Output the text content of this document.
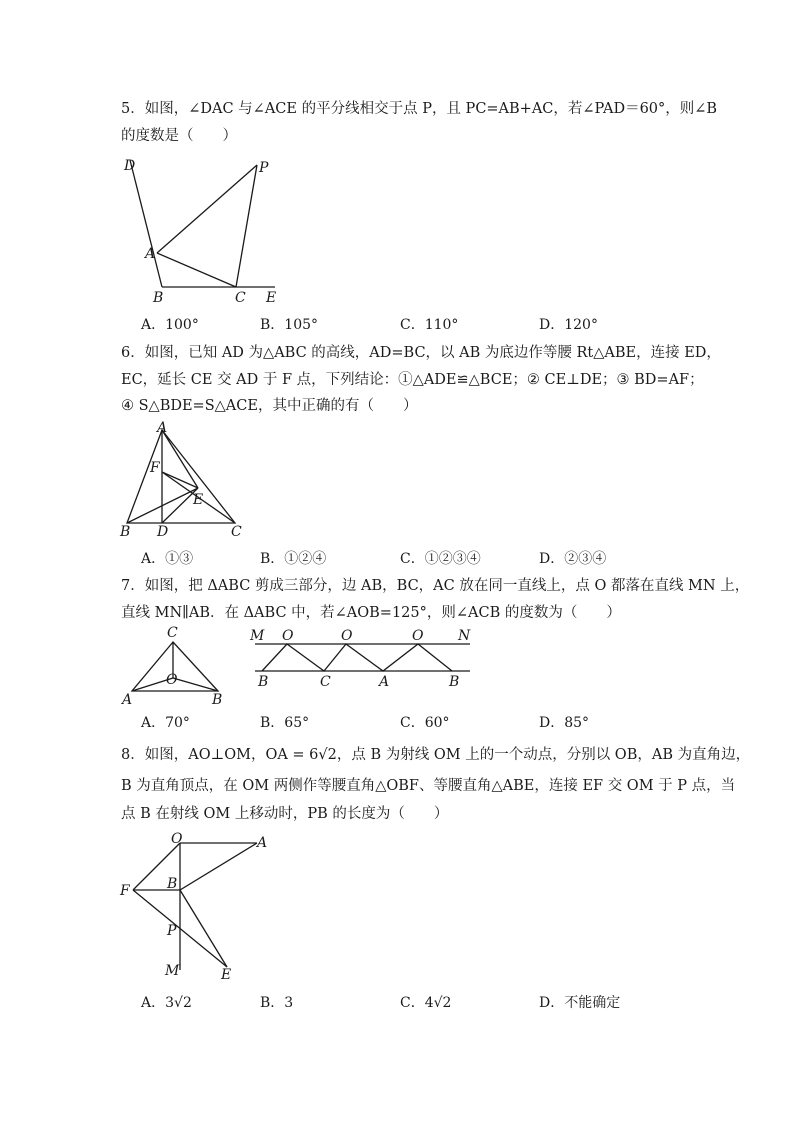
5．如图，∠DAC 与∠ACE 的平分线相交于点 P，且 PC=AB+AC，若∠PAD＝60°，则∠B
的度数是（　　）
D	P
A
B	C E
A．100°	B．105°	C．110°	D．120°
6．如图，已知 AD 为△ABC 的高线，AD=BC，以 AB 为底边作等腰 Rt△ABE，连接 ED，
EC，延长 CE 交 AD 于 F 点，下列结论：①△ADE≌△BCE；② CE⊥DE；③ BD=AF；
④ S△BDE=S△ACE，其中正确的有（　　）
A
F
E
B D	C
A．①③	B．①②④	C．①②③④	D．②③④
7．如图，把 ΔABC 剪成三部分，边 AB，BC，AC 放在同一直线上，点 O 都落在直线 MN 上，
直线 MN∥AB．在 ΔABC 中，若∠AOB=125°，则∠ACB 的度数为（　　）
C
O
A	B
M O	O	O N
B	C	A	B
A．70°	B．65°	C．60°	D．85°
8．如图，AO⊥OM，OA = 6√2，点 B 为射线 OM 上的一个动点，分别以 OB，AB 为直角边，
B 为直角顶点，在 OM 两侧作等腰直角△OBF、等腰直角△ABE，连接 EF 交 OM 于 P 点，当
点 B 在射线 OM 上移动时，PB 的长度为（　　）
O	A
F	B
P
M	E
A．3√2	B．3	C．4√2	D．不能确定
